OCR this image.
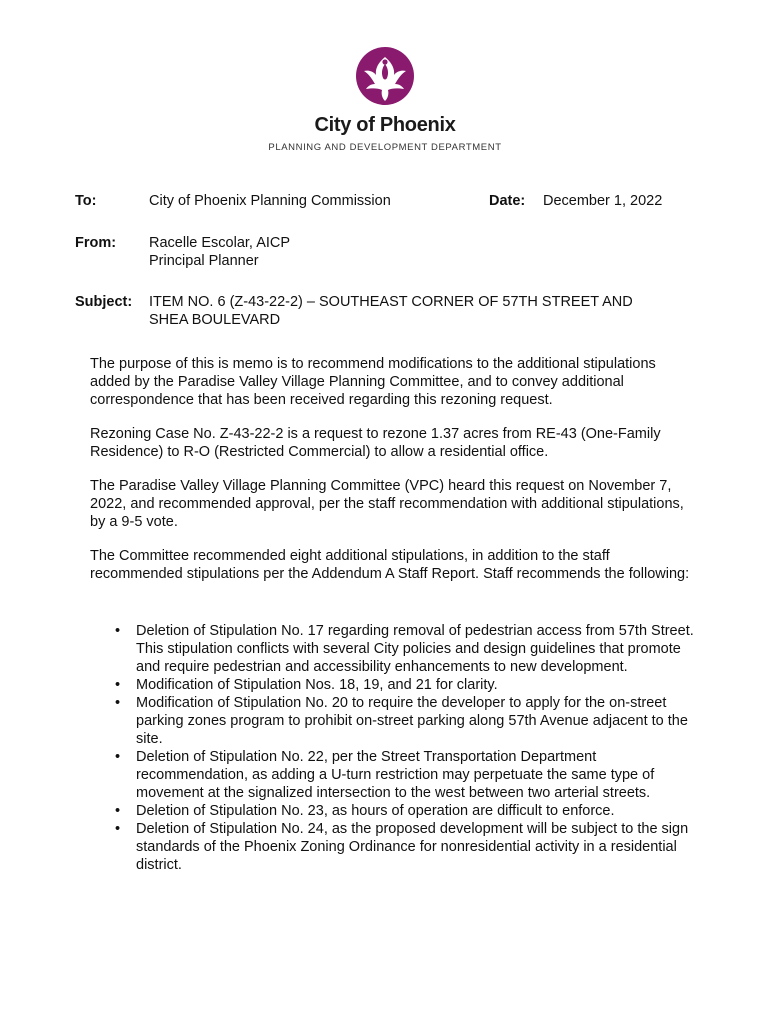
City of Phoenix
PLANNING AND DEVELOPMENT DEPARTMENT
To:	City of Phoenix Planning Commission	Date: December 1, 2022
From: Racelle Escolar, AICP
Principal Planner
Subject: ITEM NO. 6 (Z-43-22-2) – SOUTHEAST CORNER OF 57TH STREET AND
SHEA BOULEVARD

The purpose of this is memo is to recommend modifications to the additional stipulations added by the Paradise Valley Village Planning Committee, and to convey additional correspondence that has been received regarding this rezoning request.

Rezoning Case No. Z-43-22-2 is a request to rezone 1.37 acres from RE-43 (One-Family Residence) to R-O (Restricted Commercial) to allow a residential office.

The Paradise Valley Village Planning Committee (VPC) heard this request on November 7, 2022, and recommended approval, per the staff recommendation with additional stipulations, by a 9-5 vote.

The Committee recommended eight additional stipulations, in addition to the staff recommended stipulations per the Addendum A Staff Report. Staff recommends the following:

• Deletion of Stipulation No. 17 regarding removal of pedestrian access from 57th Street. This stipulation conflicts with several City policies and design guidelines that promote and require pedestrian and accessibility enhancements to new development.
• Modification of Stipulation Nos. 18, 19, and 21 for clarity.
• Modification of Stipulation No. 20 to require the developer to apply for the on-street parking zones program to prohibit on-street parking along 57th Avenue adjacent to the site.
• Deletion of Stipulation No. 22, per the Street Transportation Department recommendation, as adding a U-turn restriction may perpetuate the same type of movement at the signalized intersection to the west between two arterial streets.
• Deletion of Stipulation No. 23, as hours of operation are difficult to enforce.
• Deletion of Stipulation No. 24, as the proposed development will be subject to the sign standards of the Phoenix Zoning Ordinance for nonresidential activity in a residential district.
